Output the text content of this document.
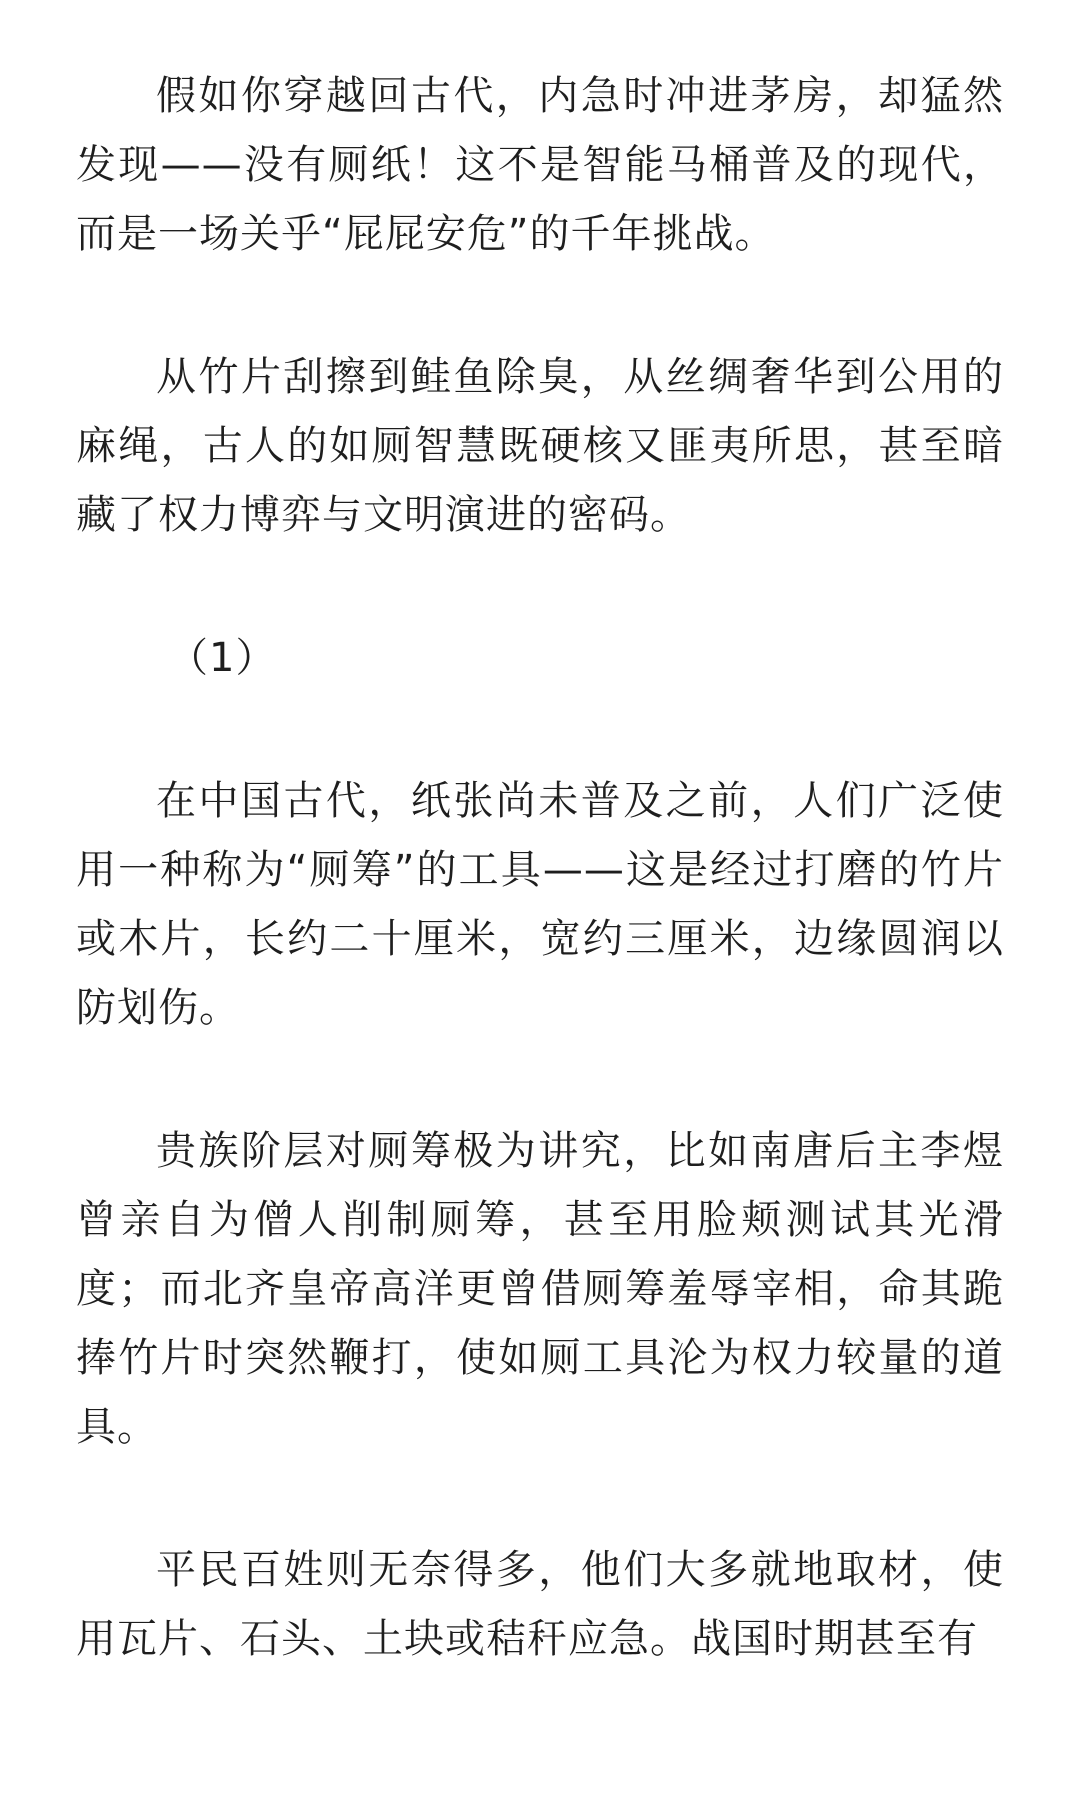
假如你穿越回古代，内急时冲进茅房，却猛然发现——没有厕纸！这不是智能马桶普及的现代，而是一场关乎“屁屁安危”的千年挑战。

从竹片刮擦到鲑鱼除臭，从丝绸奢华到公用的麻绳，古人的如厕智慧既硬核又匪夷所思，甚至暗藏了权力博弈与文明演进的密码。

（1）

在中国古代，纸张尚未普及之前，人们广泛使用一种称为“厕筹”的工具——这是经过打磨的竹片或木片，长约二十厘米，宽约三厘米，边缘圆润以防划伤。

贵族阶层对厕筹极为讲究，比如南唐后主李煜曾亲自为僧人削制厕筹，甚至用脸颊测试其光滑度；而北齐皇帝高洋更曾借厕筹羞辱宰相，命其跪捧竹片时突然鞭打，使如厕工具沦为权力较量的道具。

平民百姓则无奈得多，他们大多就地取材，使用瓦片、石头、土块或秸秆应急。战国时期甚至有
